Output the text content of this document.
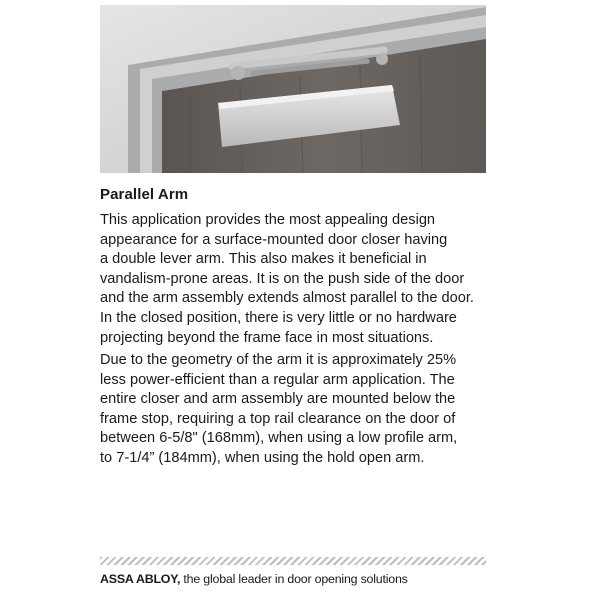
Parallel Arm

This application provides the most appealing design
appearance for a surface-mounted door closer having
a double lever arm. This also makes it beneficial in
vandalism-prone areas. It is on the push side of the door
and the arm assembly extends almost parallel to the door.
In the closed position, there is very little or no hardware
projecting beyond the frame face in most situations.

Due to the geometry of the arm it is approximately 25%
less power-efficient than a regular arm application. The
entire closer and arm assembly are mounted below the
frame stop, requiring a top rail clearance on the door of
between 6-5/8" (168mm), when using a low profile arm,
to 7-1/4” (184mm), when using the hold open arm.

ASSA ABLOY, the global leader in door opening solutions
